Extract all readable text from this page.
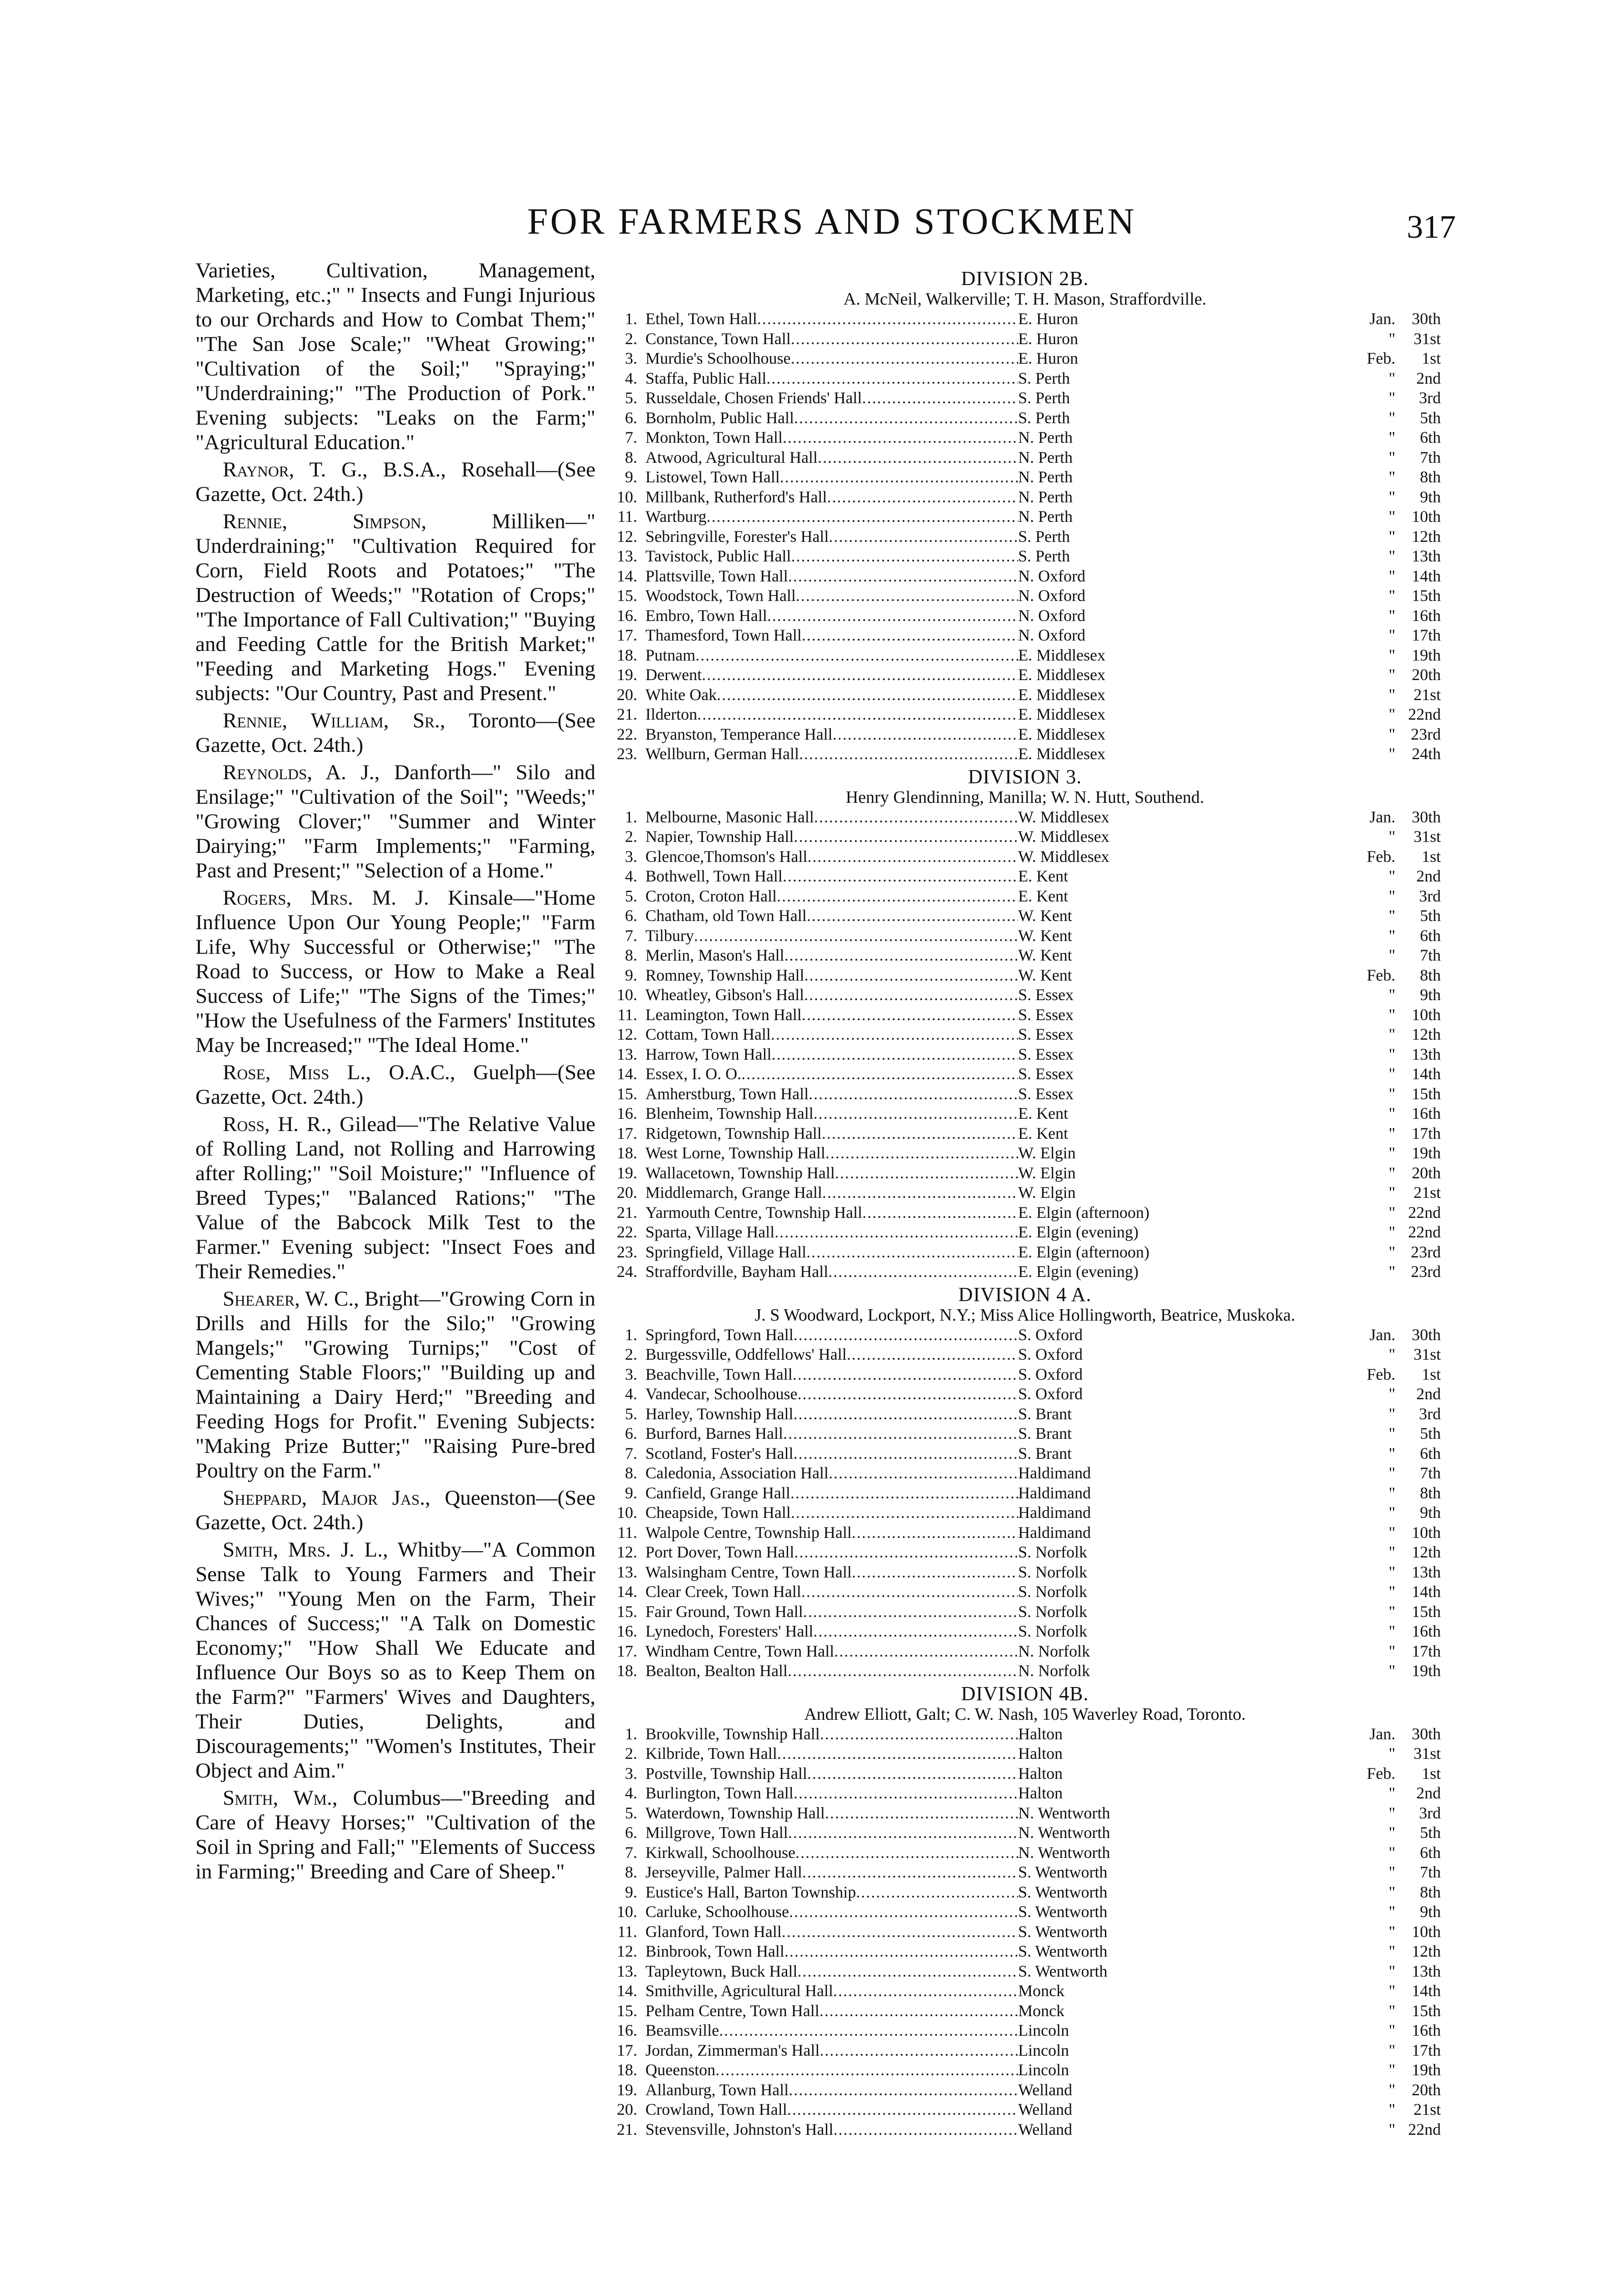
FOR FARMERS AND STOCKMEN	317

Varieties, Cultivation, Management, Marketing, etc.;" " Insects and Fungi Injurious to our Orchards and How to Combat Them;" "The San Jose Scale;" "Wheat Growing;" "Cultivation of the Soil;" "Spraying;" "Underdraining;" "The Production of Pork." Evening subjects: "Leaks on the Farm;" "Agricultural Education."

Raynor, T. G., B.S.A., Rosehall—(See Gazette, Oct. 24th.)

Rennie, Simpson, Milliken—" Underdraining;" "Cultivation Required for Corn, Field Roots and Potatoes;" "The Destruction of Weeds;" "Rotation of Crops;" "The Importance of Fall Cultivation;" "Buying and Feeding Cattle for the British Market;" "Feeding and Marketing Hogs." Evening subjects: "Our Country, Past and Present."

Rennie, William, Sr., Toronto—(See Gazette, Oct. 24th.)

Reynolds, A. J., Danforth—" Silo and Ensilage;" "Cultivation of the Soil"; "Weeds;" "Growing Clover;" "Summer and Winter Dairying;" "Farm Implements;" "Farming, Past and Present;" "Selection of a Home."

Rogers, Mrs. M. J. Kinsale—"Home Influence Upon Our Young People;" "Farm Life, Why Successful or Otherwise;" "The Road to Success, or How to Make a Real Success of Life;" "The Signs of the Times;" "How the Usefulness of the Farmers' Institutes May be Increased;" "The Ideal Home."

Rose, Miss L., O.A.C., Guelph—(See Gazette, Oct. 24th.)

Ross, H. R., Gilead—"The Relative Value of Rolling Land, not Rolling and Harrowing after Rolling;" "Soil Moisture;" "Influence of Breed Types;" "Balanced Rations;" "The Value of the Babcock Milk Test to the Farmer." Evening subject: "Insect Foes and Their Remedies."

Shearer, W. C., Bright—"Growing Corn in Drills and Hills for the Silo;" "Growing Mangels;" "Growing Turnips;" "Cost of Cementing Stable Floors;" "Building up and Maintaining a Dairy Herd;" "Breeding and Feeding Hogs for Profit." Evening Subjects: "Making Prize Butter;" "Raising Pure-bred Poultry on the Farm."

Sheppard, Major Jas., Queenston—(See Gazette, Oct. 24th.)

Smith, Mrs. J. L., Whitby—"A Common Sense Talk to Young Farmers and Their Wives;" "Young Men on the Farm, Their Chances of Success;" "A Talk on Domestic Economy;" "How Shall We Educate and Influence Our Boys so as to Keep Them on the Farm?" "Farmers' Wives and Daughters, Their Duties, Delights, and Discouragements;" "Women's Institutes, Their Object and Aim."

Smith, Wm., Columbus—"Breeding and Care of Heavy Horses;" "Cultivation of the Soil in Spring and Fall;" "Elements of Success in Farming;" Breeding and Care of Sheep."

DIVISION 2B.
A. McNeil, Walkerville; T. H. Mason, Straffordville.
1. Ethel, Town Hall .....	E. Huron	Jan. 30th
2. Constance, Town Hall .....	E. Huron	" 31st
3. Murdie's Schoolhouse .....	E. Huron	Feb. 1st
4. Staffa, Public Hall .....	S. Perth	" 2nd
5. Russeldale, Chosen Friends' Hall .....	S. Perth	" 3rd
6. Bornholm, Public Hall .....	S. Perth	" 5th
7. Monkton, Town Hall .....	N. Perth	" 6th
8. Atwood, Agricultural Hall .....	N. Perth	" 7th
9. Listowel, Town Hall .....	N. Perth	" 8th
10. Millbank, Rutherford's Hall .....	N. Perth	" 9th
11. Wartburg .....	N. Perth	" 10th
12. Sebringville, Forester's Hall .....	S. Perth	" 12th
13. Tavistock, Public Hall .....	S. Perth	" 13th
14. Plattsville, Town Hall .....	N. Oxford	" 14th
15. Woodstock, Town Hall .....	N. Oxford	" 15th
16. Embro, Town Hall .....	N. Oxford	" 16th
17. Thamesford, Town Hall .....	N. Oxford	" 17th
18. Putnam .....	E. Middlesex	" 19th
19. Derwent .....	E. Middlesex	" 20th
20. White Oak .....	E. Middlesex	" 21st
21. Ilderton .....	E. Middlesex	" 22nd
22. Bryanston, Temperance Hall .....	E. Middlesex	" 23rd
23. Wellburn, German Hall .....	E. Middlesex	" 24th
DIVISION 3.
Henry Glendinning, Manilla; W. N. Hutt, Southend.
1. Melbourne, Masonic Hall .....	W. Middlesex	Jan. 30th
2. Napier, Township Hall .....	W. Middlesex	" 31st
3. Glencoe,Thomson's Hall .....	W. Middlesex	Feb. 1st
4. Bothwell, Town Hall .....	E. Kent	" 2nd
5. Croton, Croton Hall .....	E. Kent	" 3rd
6. Chatham, old Town Hall .....	W. Kent	" 5th
7. Tilbury .....	W. Kent	" 6th
8. Merlin, Mason's Hall .....	W. Kent	" 7th
9. Romney, Township Hall .....	W. Kent	Feb. 8th
10. Wheatley, Gibson's Hall .....	S. Essex	" 9th
11. Leamington, Town Hall .....	S. Essex	" 10th
12. Cottam, Town Hall .....	S. Essex	" 12th
13. Harrow, Town Hall .....	S. Essex	" 13th
14. Essex, I. O. O. .....	S. Essex	" 14th
15. Amherstburg, Town Hall .....	S. Essex	" 15th
16. Blenheim, Township Hall .....	E. Kent	" 16th
17. Ridgetown, Township Hall .....	E. Kent	" 17th
18. West Lorne, Township Hall .....	W. Elgin	" 19th
19. Wallacetown, Township Hall .....	W. Elgin	" 20th
20. Middlemarch, Grange Hall .....	W. Elgin	" 21st
21. Yarmouth Centre, Township Hall .....	E. Elgin (afternoon)	" 22nd
22. Sparta, Village Hall .....	E. Elgin (evening)	" 22nd
23. Springfield, Village Hall .....	E. Elgin (afternoon)	" 23rd
24. Straffordville, Bayham Hall .....	E. Elgin (evening)	" 23rd
DIVISION 4 A.
J. S Woodward, Lockport, N.Y.; Miss Alice Hollingworth, Beatrice, Muskoka.
1. Springford, Town Hall .....	S. Oxford	Jan. 30th
2. Burgessville, Oddfellows' Hall .....	S. Oxford	" 31st
3. Beachville, Town Hall .....	S. Oxford	Feb. 1st
4. Vandecar, Schoolhouse .....	S. Oxford	" 2nd
5. Harley, Township Hall .....	S. Brant	" 3rd
6. Burford, Barnes Hall .....	S. Brant	" 5th
7. Scotland, Foster's Hall .....	S. Brant	" 6th
8. Caledonia, Association Hall .....	Haldimand	" 7th
9. Canfield, Grange Hall .....	Haldimand	" 8th
10. Cheapside, Town Hall .....	Haldimand	" 9th
11. Walpole Centre, Township Hall .....	Haldimand	" 10th
12. Port Dover, Town Hall .....	S. Norfolk	" 12th
13. Walsingham Centre, Town Hall .....	S. Norfolk	" 13th
14. Clear Creek, Town Hall .....	S. Norfolk	" 14th
15. Fair Ground, Town Hall .....	S. Norfolk	" 15th
16. Lynedoch, Foresters' Hall .....	S. Norfolk	" 16th
17. Windham Centre, Town Hall .....	N. Norfolk	" 17th
18. Bealton, Bealton Hall .....	N. Norfolk	" 19th
DIVISION 4B.
Andrew Elliott, Galt; C. W. Nash, 105 Waverley Road, Toronto.
1. Brookville, Township Hall .....	Halton	Jan. 30th
2. Kilbride, Town Hall .....	Halton	" 31st
3. Postville, Township Hall .....	Halton	Feb. 1st
4. Burlington, Town Hall .....	Halton	" 2nd
5. Waterdown, Township Hall .....	N. Wentworth	" 3rd
6. Millgrove, Town Hall .....	N. Wentworth	" 5th
7. Kirkwall, Schoolhouse .....	N. Wentworth	" 6th
8. Jerseyville, Palmer Hall .....	S. Wentworth	" 7th
9. Eustice's Hall, Barton Township .....	S. Wentworth	" 8th
10. Carluke, Schoolhouse .....	S. Wentworth	" 9th
11. Glanford, Town Hall .....	S. Wentworth	" 10th
12. Binbrook, Town Hall .....	S. Wentworth	" 12th
13. Tapleytown, Buck Hall .....	S. Wentworth	" 13th
14. Smithville, Agricultural Hall .....	Monck	" 14th
15. Pelham Centre, Town Hall .....	Monck	" 15th
16. Beamsville .....	Lincoln	" 16th
17. Jordan, Zimmerman's Hall .....	Lincoln	" 17th
18. Queenston .....	Lincoln	" 19th
19. Allanburg, Town Hall .....	Welland	" 20th
20. Crowland, Town Hall .....	Welland	" 21st
21. Stevensville, Johnston's Hall .....	Welland	" 22nd
